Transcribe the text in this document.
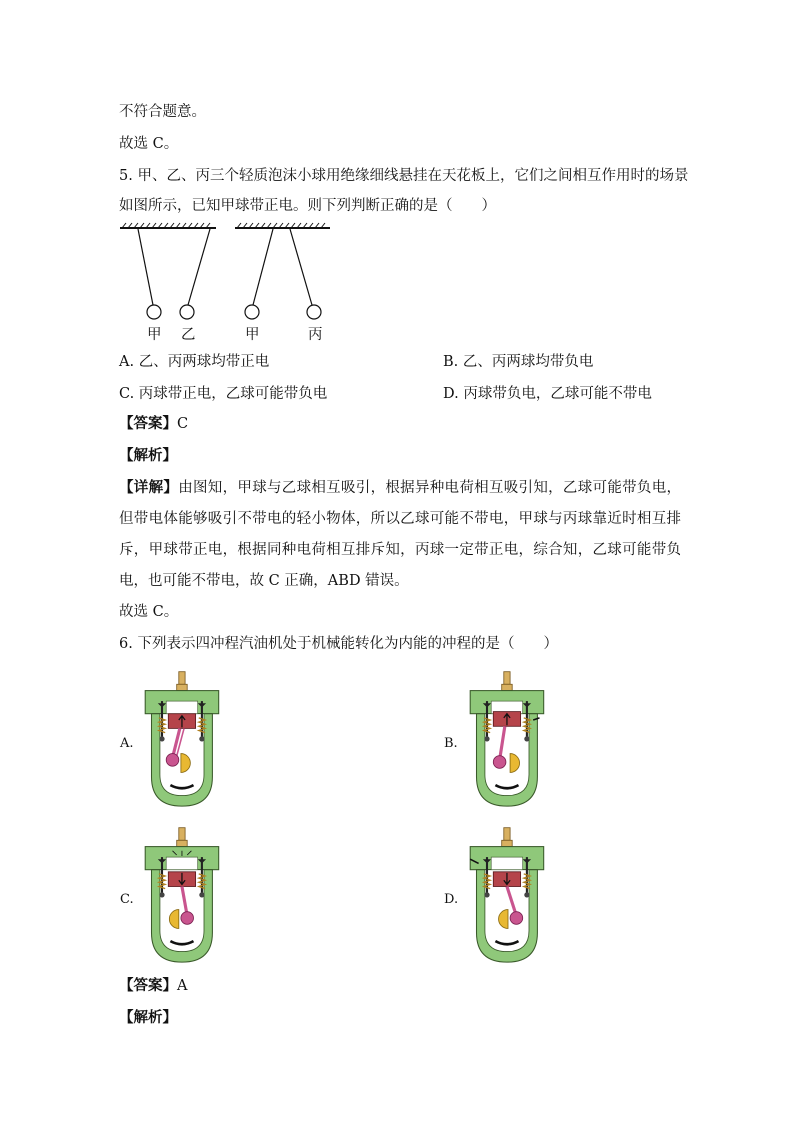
不符合题意。
故选 C。
5. 甲、乙、丙三个轻质泡沫小球用绝缘细线悬挂在天花板上，它们之间相互作用时的场景
如图所示，已知甲球带正电。则下列判断正确的是（　　）
甲 乙	甲	丙
A. 乙、丙两球均带正电	B. 乙、丙两球均带负电
C. 丙球带正电，乙球可能带负电	D. 丙球带负电，乙球可能不带电
【答案】C
【解析】
【详解】由图知，甲球与乙球相互吸引，根据异种电荷相互吸引知，乙球可能带负电，但带电体能够吸引不带电的轻小物体，所以乙球可能不带电，甲球与丙球靠近时相互排斥，甲球带正电，根据同种电荷相互排斥知，丙球一定带正电，综合知，乙球可能带负电，也可能不带电，故 C 正确，ABD 错误。
故选 C。
6. 下列表示四冲程汽油机处于机械能转化为内能的冲程的是（　　）
A.	B.
C.	D.
【答案】A
【解析】
